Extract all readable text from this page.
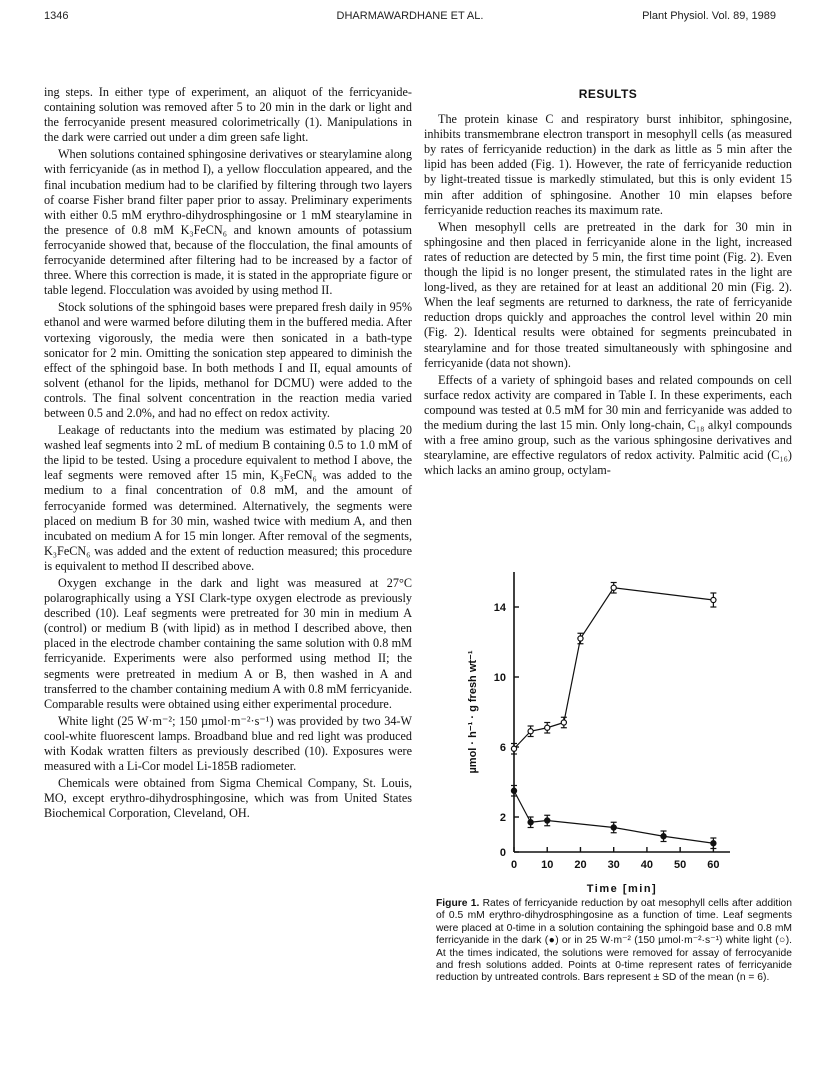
1346	DHARMAWARDHANE ET AL.	Plant Physiol. Vol. 89, 1989

ing steps. In either type of experiment, an aliquot of the ferricyanide-containing solution was removed after 5 to 20 min in the dark or light and the ferrocyanide present measured colorimetrically (1). Manipulations in the dark were carried out under a dim green safe light.

When solutions contained sphingosine derivatives or stearylamine along with ferricyanide (as in method I), a yellow flocculation appeared, and the final incubation medium had to be clarified by filtering through two layers of coarse Fisher brand filter paper prior to assay. Preliminary experiments with either 0.5 mM erythro-dihydrosphingosine or 1 mM stearylamine in the presence of 0.8 mM K₃FeCN₆ and known amounts of potassium ferrocyanide showed that, because of the flocculation, the final amounts of ferrocyanide determined after filtering had to be increased by a factor of three. Where this correction is made, it is stated in the appropriate figure or table legend. Flocculation was avoided by using method II.

Stock solutions of the sphingoid bases were prepared fresh daily in 95% ethanol and were warmed before diluting them in the buffered media. After vortexing vigorously, the media were then sonicated in a bath-type sonicator for 2 min. Omitting the sonication step appeared to diminish the effect of the sphingoid base. In both methods I and II, equal amounts of solvent (ethanol for the lipids, methanol for DCMU) were added to the controls. The final solvent concentration in the reaction media varied between 0.5 and 2.0%, and had no effect on redox activity.

Leakage of reductants into the medium was estimated by placing 20 washed leaf segments into 2 mL of medium B containing 0.5 to 1.0 mM of the lipid to be tested. Using a procedure equivalent to method I above, the leaf segments were removed after 15 min, K₃FeCN₆ was added to the medium to a final concentration of 0.8 mM, and the amount of ferrocyanide formed was determined. Alternatively, the segments were placed on medium B for 30 min, washed twice with medium A, and then incubated on medium A for 15 min longer. After removal of the segments, K₃FeCN₆ was added and the extent of reduction measured; this procedure is equivalent to method II described above.

Oxygen exchange in the dark and light was measured at 27°C polarographically using a YSI Clark-type oxygen electrode as previously described (10). Leaf segments were pretreated for 30 min in medium A (control) or medium B (with lipid) as in method I described above, then placed in the electrode chamber containing the same solution with 0.8 mM ferricyanide. Experiments were also performed using method II; the segments were pretreated in medium A or B, then washed in A and transferred to the chamber containing medium A with 0.8 mM ferricyanide. Comparable results were obtained using either experimental procedure.

White light (25 W·m⁻²; 150 µmol·m⁻²·s⁻¹) was provided by two 34-W cool-white fluorescent lamps. Broadband blue and red light was produced with Kodak wratten filters as previously described (10). Exposures were measured with a Li-Cor model Li-185B radiometer.

Chemicals were obtained from Sigma Chemical Company, St. Louis, MO, except erythro-dihydrosphingosine, which was from United States Biochemical Corporation, Cleveland, OH.

RESULTS

The protein kinase C and respiratory burst inhibitor, sphingosine, inhibits transmembrane electron transport in mesophyll cells (as measured by rates of ferricyanide reduction) in the dark as little as 5 min after the lipid has been added (Fig. 1). However, the rate of ferricyanide reduction by light-treated tissue is markedly stimulated, but this is only evident 15 min after addition of sphingosine. Another 10 min elapses before ferricyanide reduction reaches its maximum rate.

When mesophyll cells are pretreated in the dark for 30 min in sphingosine and then placed in ferricyanide alone in the light, increased rates of reduction are detected by 5 min, the first time point (Fig. 2). Even though the lipid is no longer present, the stimulated rates in the light are long-lived, as they are retained for at least an additional 20 min (Fig. 2). When the leaf segments are returned to darkness, the rate of ferricyanide reduction drops quickly and approaches the control level within 20 min (Fig. 2). Identical results were obtained for segments preincubated in stearylamine and for those treated simultaneously with sphingosine and ferricyanide (data not shown).

Effects of a variety of sphingoid bases and related compounds on cell surface redox activity are compared in Table I. In these experiments, each compound was tested at 0.5 mM for 30 min and ferricyanide was added to the medium during the last 15 min. Only long-chain, C₁₈ alkyl compounds with a free amino group, such as the various sphingosine derivatives and stearylamine, are effective regulators of redox activity. Palmitic acid (C₁₆) which lacks an amino group, octylam-

0 10 20 30 40 50 60
0
2
6
10
14
Time [min]
µmol · h⁻¹ · g fresh wt⁻¹
Figure 1. Rates of ferricyanide reduction by oat mesophyll cells after addition of 0.5 mM erythro-dihydrosphingosine as a function of time. Leaf segments were placed at 0-time in a solution containing the sphingoid base and 0.8 mM ferricyanide in the dark (●) or in 25 W·m⁻² (150 µmol·m⁻²·s⁻¹) white light (○). At the times indicated, the solutions were removed for assay of ferrocyanide and fresh solutions added. Points at 0-time represent rates of ferricyanide reduction by untreated controls. Bars represent ± SD of the mean (n = 6).
